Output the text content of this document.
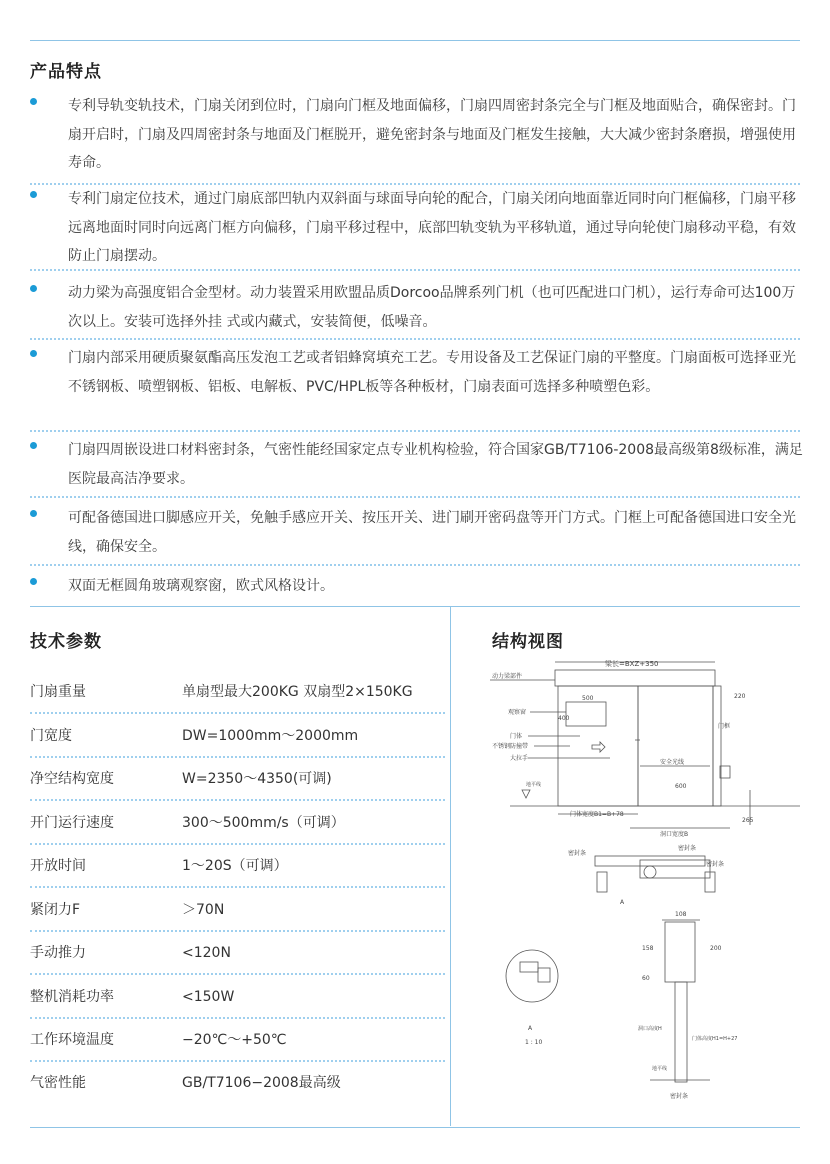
产品特点

专利导轨变轨技术，门扇关闭到位时，门扇向门框及地面偏移，门扇四周密封条完全与门框及地面贴合，确保密封。门扇开启时，门扇及四周密封条与地面及门框脱开，避免密封条与地面及门框发生接触，大大减少密封条磨损，增强使用寿命。

专利门扇定位技术，通过门扇底部凹轨内双斜面与球面导向轮的配合，门扇关闭向地面靠近同时向门框偏移，门扇平移远离地面时同时向远离门框方向偏移，门扇平移过程中，底部凹轨变轨为平移轨道，通过导向轮使门扇移动平稳，有效防止门扇摆动。

动力梁为高强度铝合金型材。动力装置采用欧盟品质Dorcoo品牌系列门机（也可匹配进口门机），运行寿命可达100万次以上。安装可选择外挂 式或内藏式，安装简便，低噪音。

门扇内部采用硬质聚氨酯高压发泡工艺或者铝蜂窝填充工艺。专用设备及工艺保证门扇的平整度。门扇面板可选择亚光不锈钢板、喷塑钢板、铝板、电解板、PVC/HPL板等各种板材，门扇表面可选择多种喷塑色彩。

门扇四周嵌设进口材料密封条，气密性能经国家定点专业机构检验，符合国家GB/T7106-2008最高级第8级标准，满足医院最高洁净要求。

可配备德国进口脚感应开关，免触手感应开关、按压开关、进门刷开密码盘等开门方式。门框上可配备德国进口安全光线，确保安全。

双面无框圆角玻璃观察窗，欧式风格设计。

技术参数
门扇重量	单扇型最大200KG 双扇型2×150KG
门宽度	DW=1000mm～2000mm
净空结构宽度	W=2350～4350(可调)
开门运行速度	300～500mm/s（可调）
开放时间	1～20S（可调）
紧闭力F	＞70N
手动推力	<120N
整机消耗功率	<150W
工作环境温度	−20℃～+50℃
气密性能	GB/T7106−2008最高级
结构视图
梁长=BXZ+350
动力梁部件
500
400
220
观察窗
门框
门体
不锈钢防撞带
大拉手
安全光线
600
地平线
门体宽度B1=B+78
265
洞口宽度B
密封条
密封条
密封条
A
A
1 : 10
108
158	200
60
洞口高度H
门体高度H1=H+27
地平线
密封条
